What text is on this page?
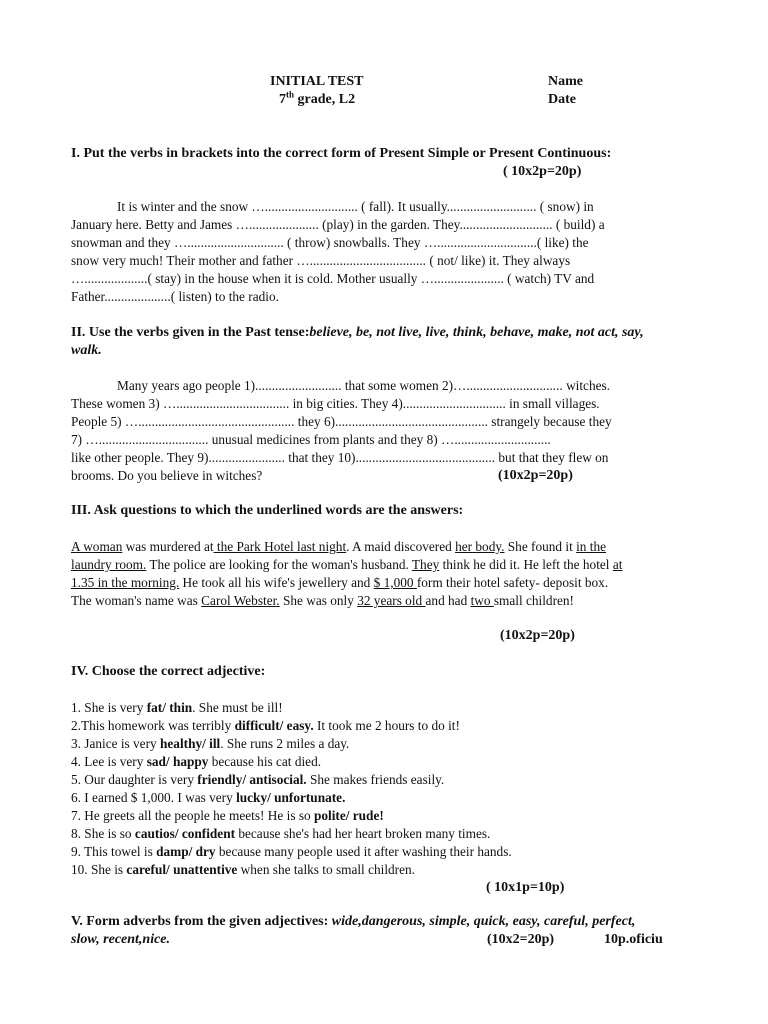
INITIAL TEST
7th grade, L2
Name
Date
I. Put the verbs in brackets into the correct form of Present Simple or Present Continuous:
( 10x2p=20p)
It is winter and the snow …............................ ( fall). It usually........................... ( snow) in
January here. Betty and James …..................... (play) in the garden. They............................ ( build) a
snowman and they …............................. ( throw) snowballs. They …..............................( like) the
snow very much! Their mother and father …................................... ( not/ like) it. They always
…...................( stay) in the house when it is cold. Mother usually …..................... ( watch) TV and
Father....................( listen) to the radio.
II. Use the verbs given in the Past tense:believe, be, not live, live, think, behave, make, not act, say,
walk.
Many years ago people 1).......................... that some women 2)…............................. witches.
These women 3) ….................................. in big cities. They 4)............................... in small villages.
People 5) …............................................... they 6).............................................. strangely because they
7) …................................. unusual medicines from plants and they 8) ….............................
like other people. They 9)....................... that they 10).......................................... but that they flew on
brooms. Do you believe in witches?	(10x2p=20p)
III. Ask questions to which the underlined words are the answers:
A woman was murdered at the Park Hotel last night. A maid discovered her body. She found it in the
laundry room. The police are looking for the woman's husband. They think he did it. He left the hotel at
1.35 in the morning. He took all his wife's jewellery and $ 1,000 form their hotel safety- deposit box.
The woman's name was Carol Webster. She was only 32 years old and had two small children!
(10x2p=20p)
IV. Choose the correct adjective:
1. She is very fat/ thin. She must be ill!
2.This homework was terribly difficult/ easy. It took me 2 hours to do it!
3. Janice is very healthy/ ill. She runs 2 miles a day.
4. Lee is very sad/ happy because his cat died.
5. Our daughter is very friendly/ antisocial. She makes friends easily.
6. I earned $ 1,000. I was very lucky/ unfortunate.
7. He greets all the people he meets! He is so polite/ rude!
8. She is so cautios/ confident because she's had her heart broken many times.
9. This towel is damp/ dry because many people used it after washing their hands.
10. She is careful/ unattentive when she talks to small children.
( 10x1p=10p)
V. Form adverbs from the given adjectives: wide,dangerous, simple, quick, easy, careful, perfect,
slow, recent,nice.	(10x2=20p)	10p.oficiu
